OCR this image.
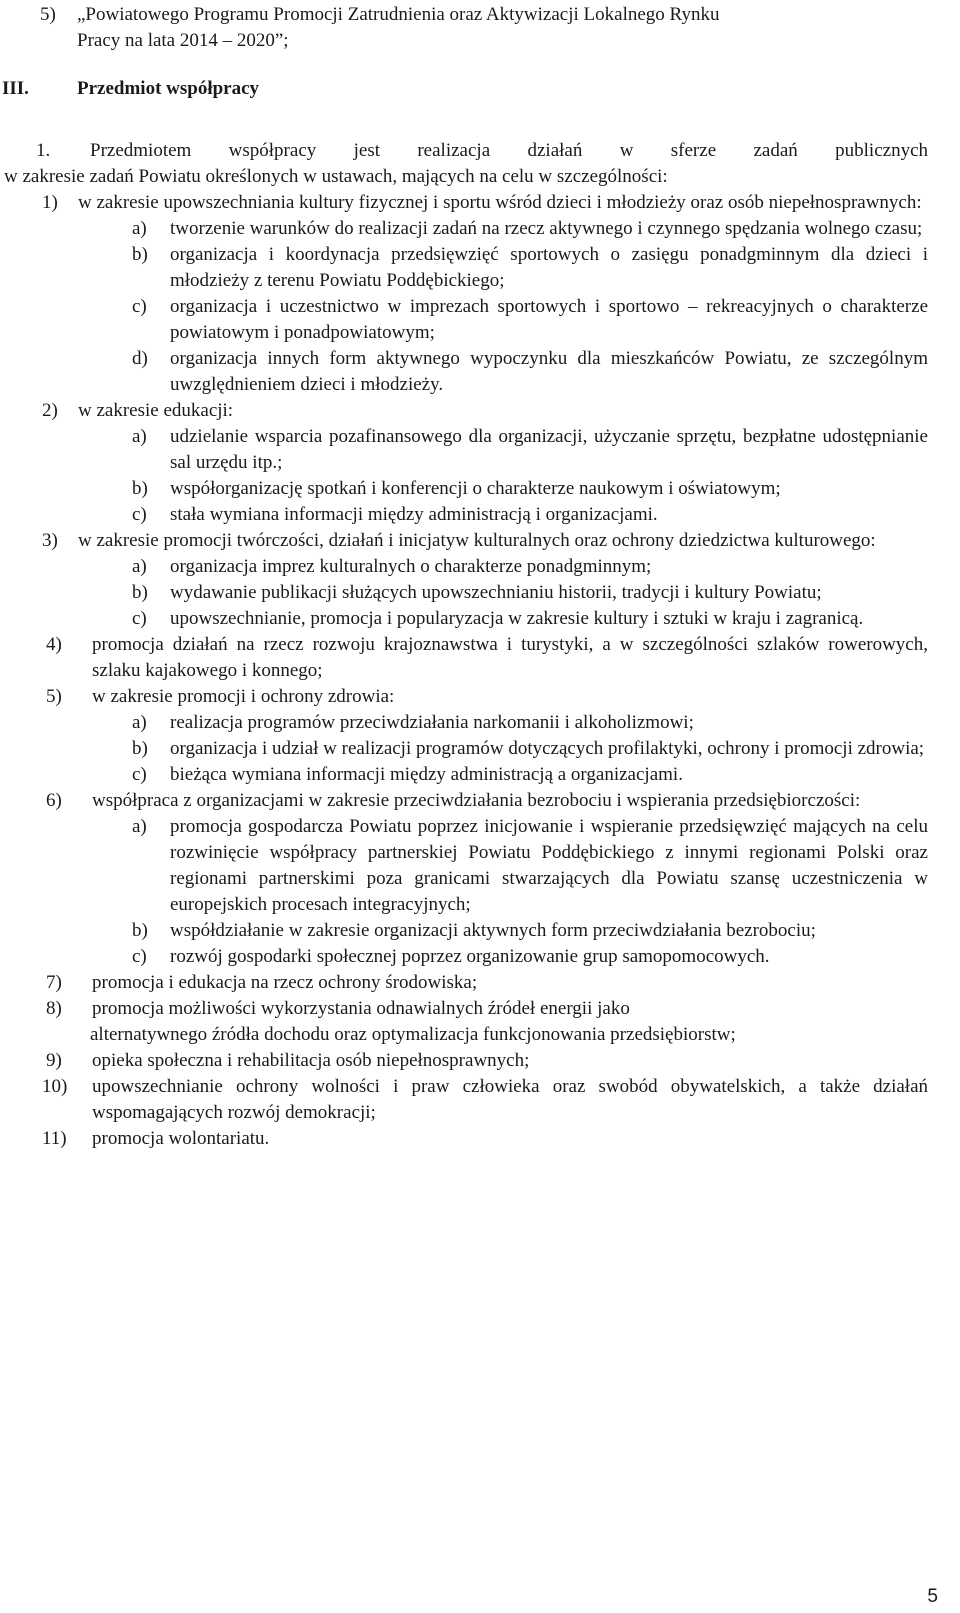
5) „Powiatowego Programu Promocji Zatrudnienia oraz Aktywizacji Lokalnego Rynku
Pracy na lata 2014 – 2020”;
III.	Przedmiot współpracy
1. Przedmiotem współpracy jest realizacja działań w sferze zadań publicznych
w zakresie zadań Powiatu określonych w ustawach, mających na celu w szczególności:
1)	w zakresie upowszechniania kultury fizycznej i sportu wśród dzieci i młodzieży oraz osób niepełnosprawnych:
a) tworzenie warunków do realizacji zadań na rzecz aktywnego i czynnego spędzania wolnego czasu;
b) organizacja i koordynacja przedsięwzięć sportowych o zasięgu ponadgminnym dla dzieci i młodzieży z terenu Powiatu Poddębickiego;
c) organizacja i uczestnictwo w imprezach sportowych i sportowo – rekreacyjnych o charakterze powiatowym i ponadpowiatowym;
d) organizacja innych form aktywnego wypoczynku dla mieszkańców Powiatu, ze szczególnym uwzględnieniem dzieci i młodzieży.
2) w zakresie edukacji:
a) udzielanie wsparcia pozafinansowego dla organizacji, użyczanie sprzętu, bezpłatne udostępnianie sal urzędu itp.;
b) współorganizację spotkań i konferencji o charakterze naukowym i oświatowym;
c) stała wymiana informacji między administracją i organizacjami.
3)	w zakresie promocji twórczości, działań i inicjatyw kulturalnych oraz ochrony dziedzictwa kulturowego:
a) organizacja imprez kulturalnych o charakterze ponadgminnym;
b) wydawanie publikacji służących upowszechnianiu historii, tradycji i kultury Powiatu;
c) upowszechnianie, promocja i popularyzacja w zakresie kultury i sztuki w kraju i zagranicą.
4) promocja działań na rzecz rozwoju krajoznawstwa i turystyki, a w szczególności szlaków rowerowych, szlaku kajakowego i konnego;
5) w zakresie promocji i ochrony zdrowia:
a) realizacja programów przeciwdziałania narkomanii i alkoholizmowi;
b) organizacja i udział w realizacji programów dotyczących profilaktyki, ochrony i promocji zdrowia;
c) bieżąca wymiana informacji między administracją a organizacjami.
6) współpraca z organizacjami w zakresie przeciwdziałania bezrobociu i wspierania przedsiębiorczości:
a) promocja gospodarcza Powiatu poprzez inicjowanie i wspieranie przedsięwzięć mających na celu rozwinięcie współpracy partnerskiej Powiatu Poddębickiego z innymi regionami Polski oraz regionami partnerskimi poza granicami stwarzających dla Powiatu szansę uczestniczenia w europejskich procesach integracyjnych;
b) współdziałanie w zakresie organizacji aktywnych form przeciwdziałania bezrobociu;
c) rozwój gospodarki społecznej poprzez organizowanie grup samopomocowych.
7) promocja i edukacja na rzecz ochrony środowiska;
8) promocja możliwości wykorzystania odnawialnych źródeł energii jako
alternatywnego źródła dochodu oraz optymalizacja funkcjonowania przedsiębiorstw;
9) opieka społeczna i rehabilitacja osób niepełnosprawnych;
10) upowszechnianie ochrony wolności i praw człowieka oraz swobód obywatelskich, a także działań wspomagających rozwój demokracji;
11) promocja wolontariatu.
5
